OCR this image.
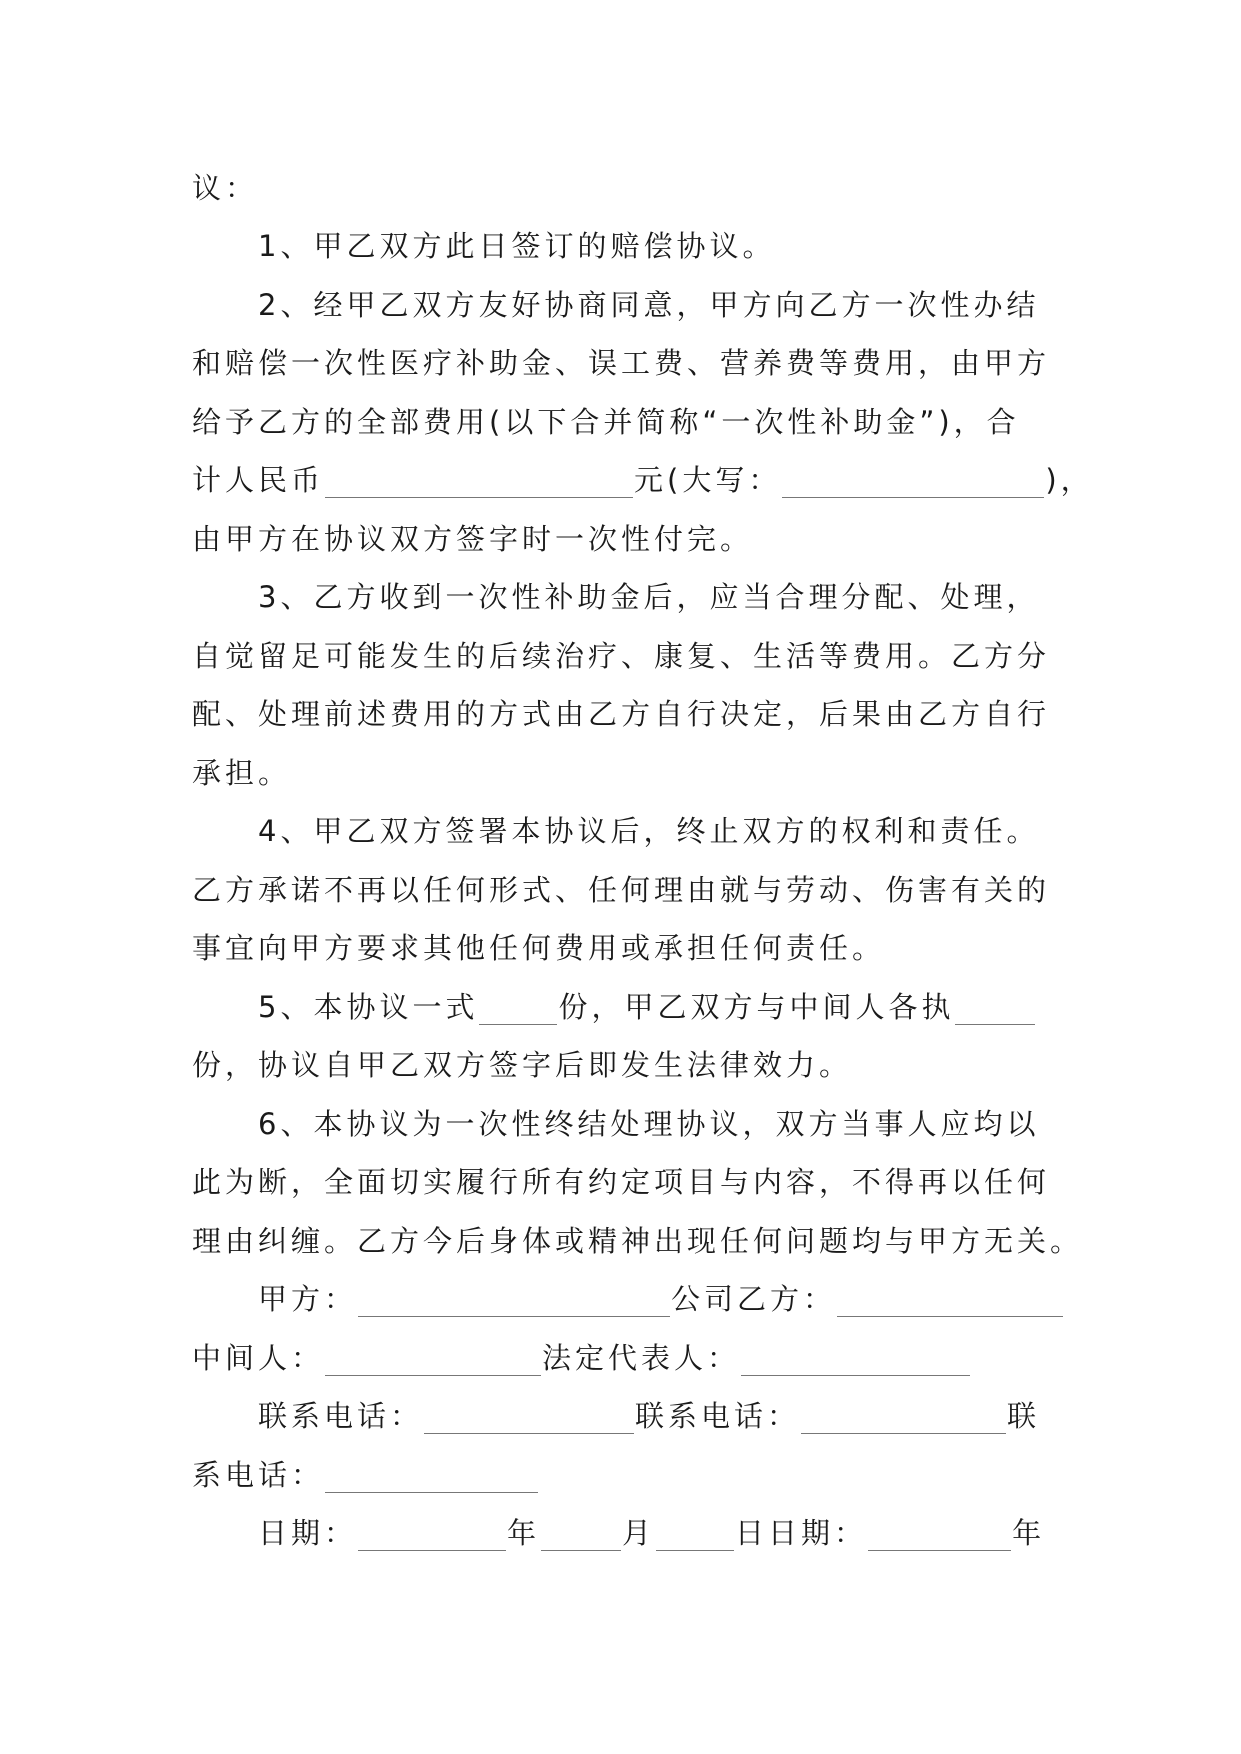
议：
1、甲乙双方此日签订的赔偿协议。
2、经甲乙双方友好协商同意，甲方向乙方一次性办结
和赔偿一次性医疗补助金、误工费、营养费等费用，由甲方
给予乙方的全部费用(以下合并简称“一次性补助金”)，合
计人民币	元(大写：	)，
由甲方在协议双方签字时一次性付完。
3、乙方收到一次性补助金后，应当合理分配、处理，
自觉留足可能发生的后续治疗、康复、生活等费用。乙方分
配、处理前述费用的方式由乙方自行决定，后果由乙方自行
承担。
4、甲乙双方签署本协议后，终止双方的权利和责任。
乙方承诺不再以任何形式、任何理由就与劳动、伤害有关的
事宜向甲方要求其他任何费用或承担任何责任。
5、本协议一式	份，甲乙双方与中间人各执
份，协议自甲乙双方签字后即发生法律效力。
6、本协议为一次性终结处理协议，双方当事人应均以
此为断，全面切实履行所有约定项目与内容，不得再以任何
理由纠缠。乙方今后身体或精神出现任何问题均与甲方无关。
甲方：	公司乙方：
中间人：	法定代表人：
联系电话：	联系电话：	联
系电话：
日期：	年	月	日日期：	年
